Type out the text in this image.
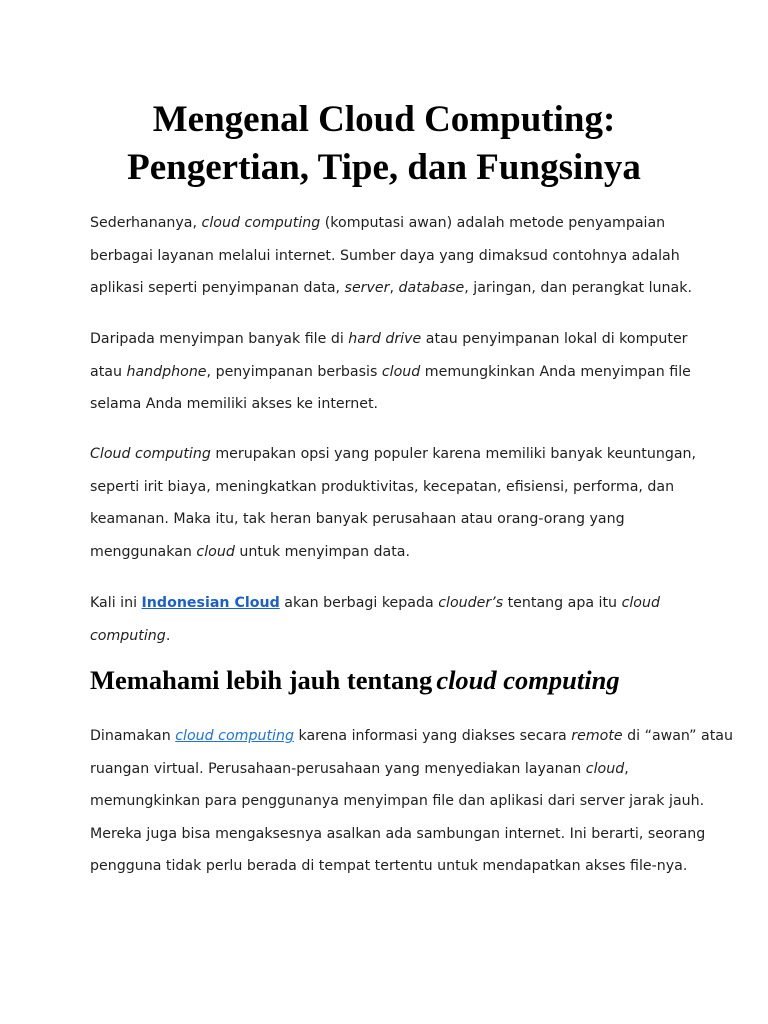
Mengenal Cloud Computing:
Pengertian, Tipe, dan Fungsinya

Sederhananya, cloud computing (komputasi awan) adalah metode penyampaian
berbagai layanan melalui internet. Sumber daya yang dimaksud contohnya adalah
aplikasi seperti penyimpanan data, server, database, jaringan, dan perangkat lunak.

Daripada menyimpan banyak file di hard drive atau penyimpanan lokal di komputer
atau handphone, penyimpanan berbasis cloud memungkinkan Anda menyimpan file
selama Anda memiliki akses ke internet.

Cloud computing merupakan opsi yang populer karena memiliki banyak keuntungan,
seperti irit biaya, meningkatkan produktivitas, kecepatan, efisiensi, performa, dan
keamanan. Maka itu, tak heran banyak perusahaan atau orang-orang yang
menggunakan cloud untuk menyimpan data.

Kali ini Indonesian Cloud akan berbagi kepada clouder’s tentang apa itu cloud
computing.

Memahami lebih jauh tentang cloud computing

Dinamakan cloud computing karena informasi yang diakses secara remote di “awan” atau
ruangan virtual. Perusahaan-perusahaan yang menyediakan layanan cloud,
memungkinkan para penggunanya menyimpan file dan aplikasi dari server jarak jauh.
Mereka juga bisa mengaksesnya asalkan ada sambungan internet. Ini berarti, seorang
pengguna tidak perlu berada di tempat tertentu untuk mendapatkan akses file-nya.
